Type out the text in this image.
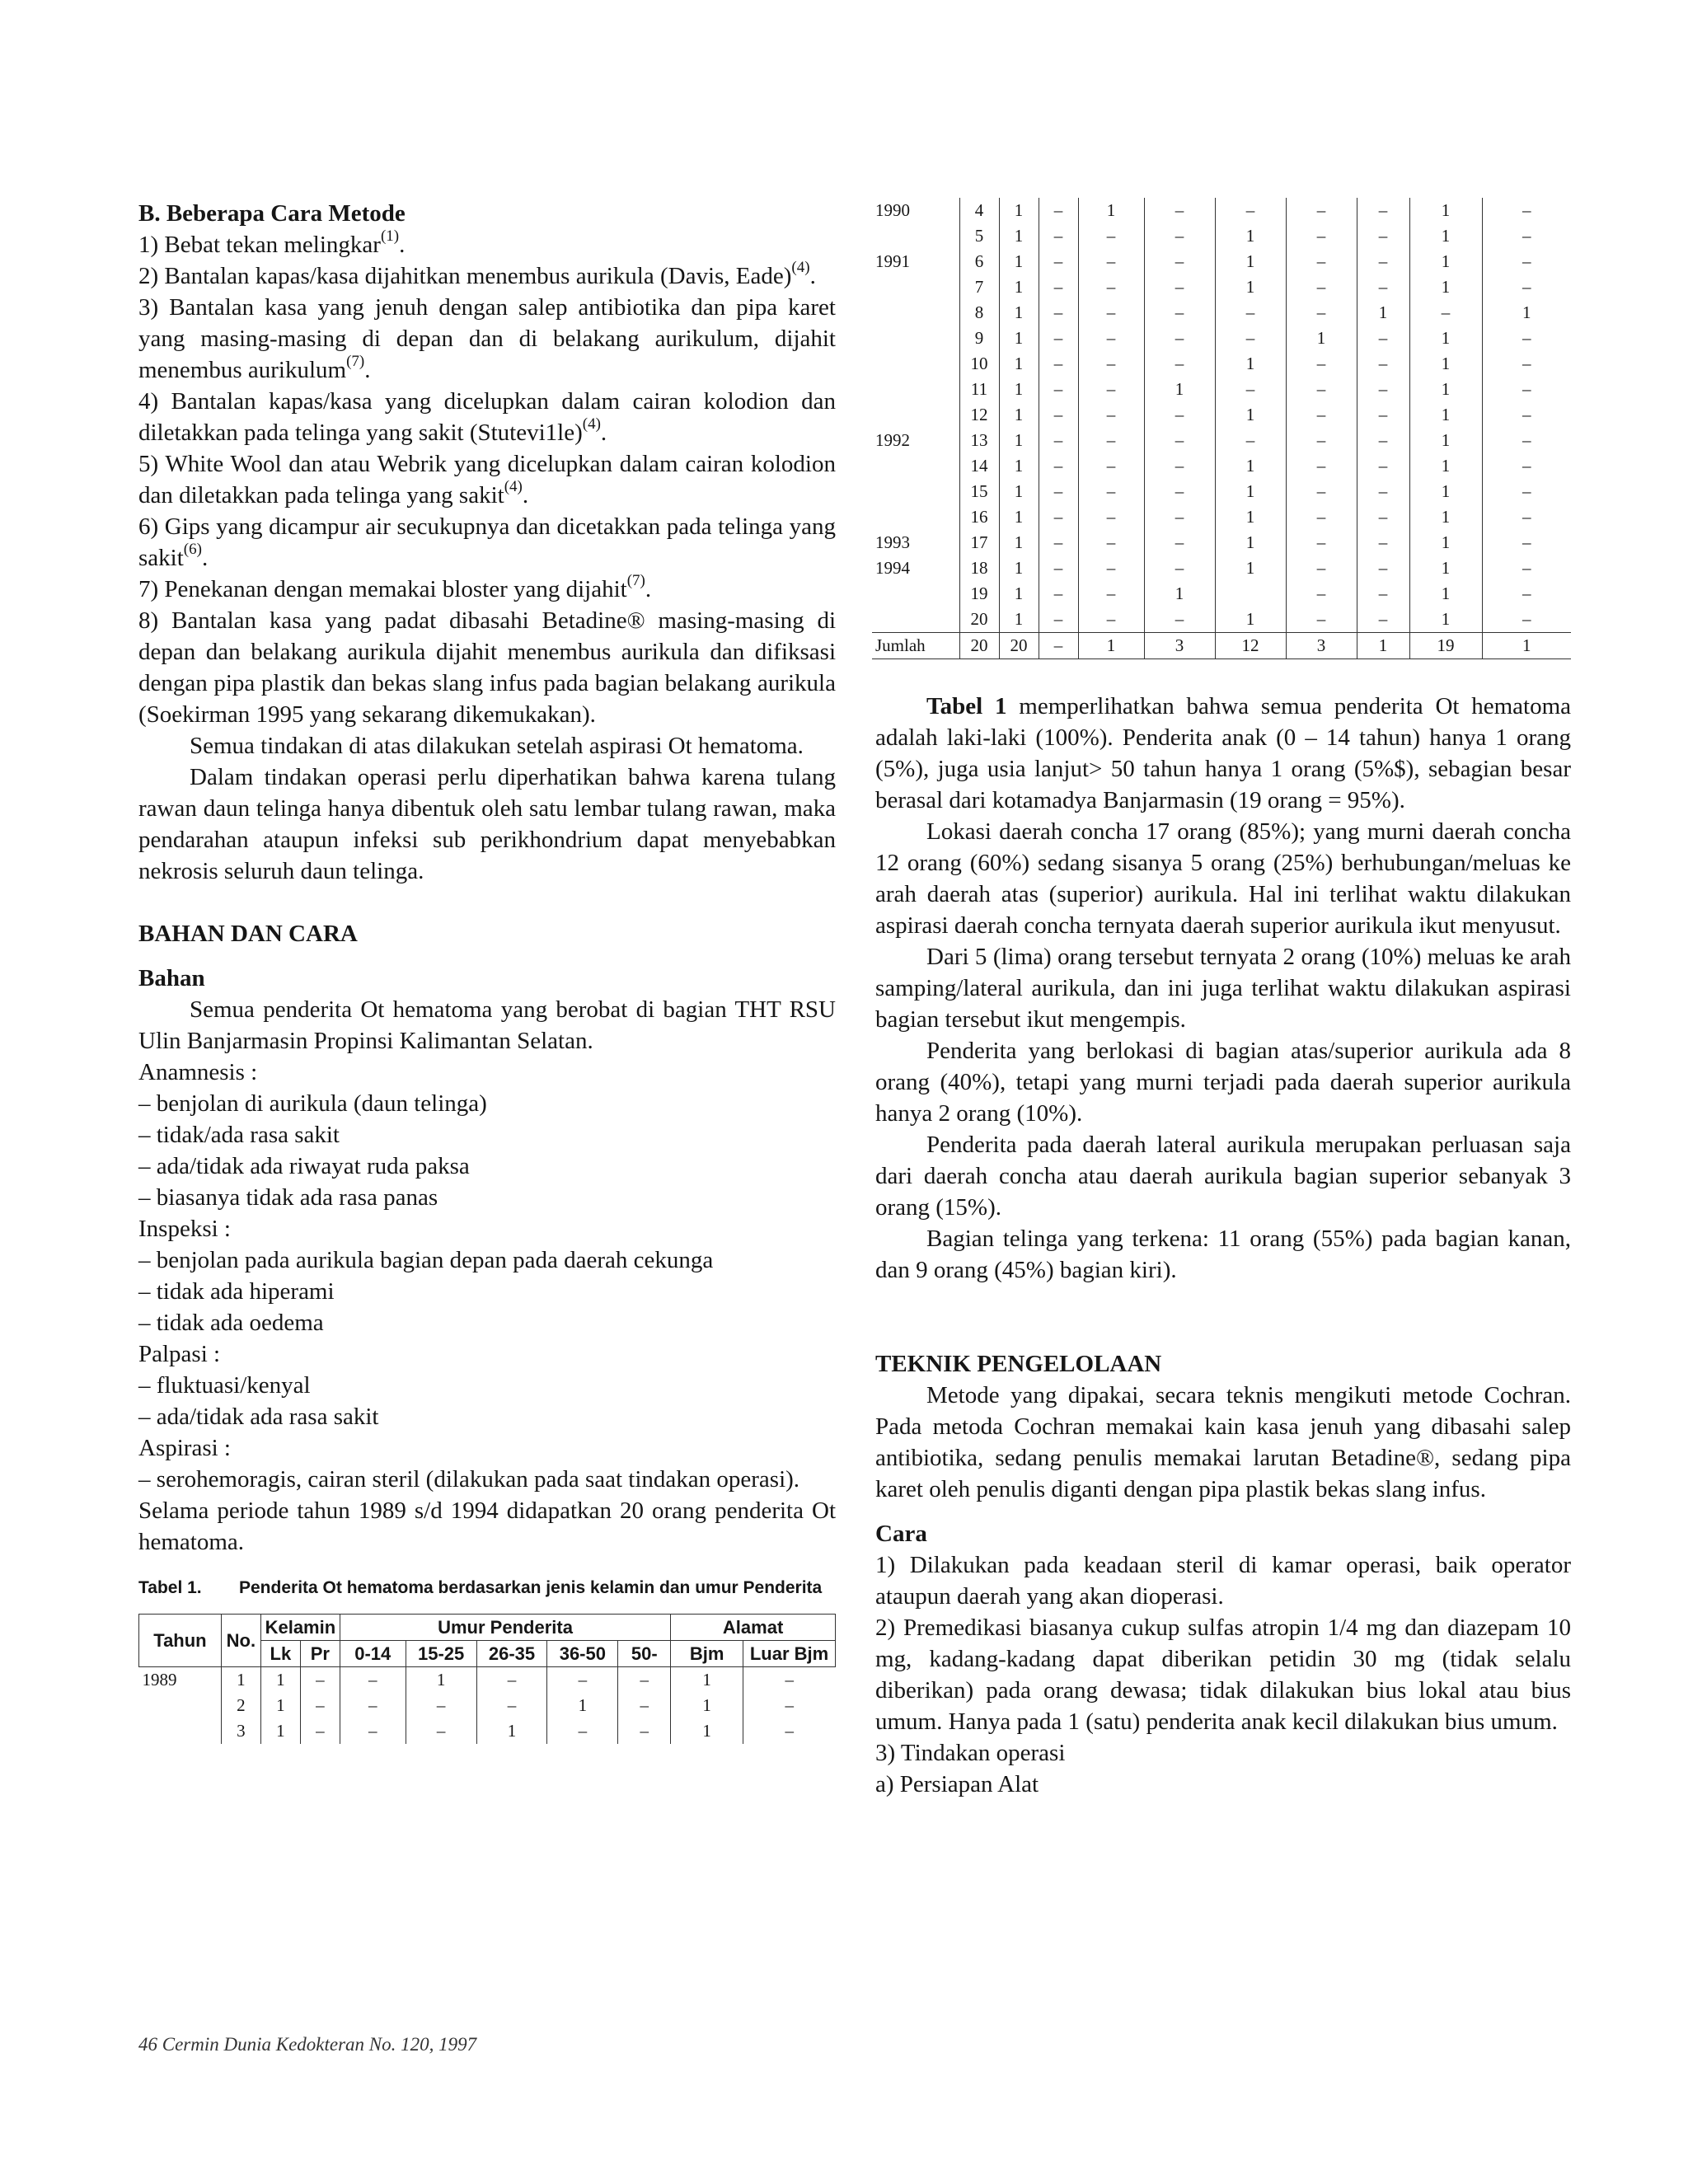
B. Beberapa Cara Metode

1) Bebat tekan melingkar$^{(1)}$.

2) Bantalan kapas/kasa dijahitkan menembus aurikula (Davis, Eade)$^{(4)}$.

3) Bantalan kasa yang jenuh dengan salep antibiotika dan pipa karet yang masing-masing di depan dan di belakang aurikulum, dijahit menembus aurikulum$^{(7)}$.

4) Bantalan kapas/kasa yang dicelupkan dalam cairan kolodion dan diletakkan pada telinga yang sakit (Stutevi1le)$^{(4)}$.

5) White Wool dan atau Webrik yang dicelupkan dalam cairan kolodion dan diletakkan pada telinga yang sakit$^{(4)}$.

6) Gips yang dicampur air secukupnya dan dicetakkan pada telinga yang sakit$^{(6)}$.

7) Penekanan dengan memakai bloster yang dijahit$^{(7)}$.

8) Bantalan kasa yang padat dibasahi Betadine® masing-masing di depan dan belakang aurikula dijahit menembus aurikula dan difiksasi dengan pipa plastik dan bekas slang infus pada bagian belakang aurikula (Soekirman 1995 yang sekarang dikemukakan).

Semua tindakan di atas dilakukan setelah aspirasi Ot hematoma.

Dalam tindakan operasi perlu diperhatikan bahwa karena tulang rawan daun telinga hanya dibentuk oleh satu lembar tulang rawan, maka pendarahan ataupun infeksi sub perikhondrium dapat menyebabkan nekrosis seluruh daun telinga.

BAHAN DAN CARA

Bahan

Semua penderita Ot hematoma yang berobat di bagian THT RSU Ulin Banjarmasin Propinsi Kalimantan Selatan.

Anamnesis :

– benjolan di aurikula (daun telinga)

– tidak/ada rasa sakit

– ada/tidak ada riwayat ruda paksa

– biasanya tidak ada rasa panas

Inspeksi :

– benjolan pada aurikula bagian depan pada daerah cekunga

– tidak ada hiperami

– tidak ada oedema

Palpasi :

– fluktuasi/kenyal

– ada/tidak ada rasa sakit

Aspirasi :

– serohemoragis, cairan steril (dilakukan pada saat tindakan operasi).

Selama periode tahun 1989 s/d 1994 didapatkan 20 orang penderita Ot hematoma.

Tabel 1.	Penderita Ot hematoma berdasarkan jenis kelamin dan umur Penderita
Tahun	No.	Kelamin		Umur Penderita					Alamat	
		Lk	Pr	0-14	15-25	26-35	36-50	50-	Bjm	Luar Bjm
1989	1	1	–	–	1	–	–	–	1	–
	2	1	–	–	–	–	1	–	1	–
	3	1	–	–	–	1	–	–	1	–
1990	4	1	–	1	–	–	–	–	1	–
	5	1	–	–	–	1	–	–	1	–
1991	6	1	–	–	–	1	–	–	1	–
	7	1	–	–	–	1	–	–	1	–
	8	1	–	–	–	–	–	1	–	1
	9	1	–	–	–	–	1	–	1	–
	10	1	–	–	–	1	–	–	1	–
	11	1	–	–	1	–	–	–	1	–
	12	1	–	–	–	1	–	–	1	–
1992	13	1	–	–	–	–	–	–	1	–
	14	1	–	–	–	1	–	–	1	–
	15	1	–	–	–	1	–	–	1	–
	16	1	–	–	–	1	–	–	1	–
1993	17	1	–	–	–	1	–	–	1	–
1994	18	1	–	–	–	1	–	–	1	–
	19	1	–	–	1		–	–	1	–
	20	1	–	–	–	1	–	–	1	–
Jumlah	20	20	–	1	3	12	3	1	19	1

Tabel 1 memperlihatkan bahwa semua penderita Ot hematoma adalah laki-laki (100%). Penderita anak (0 – 14 tahun) hanya 1 orang (5%), juga usia lanjut> 50 tahun hanya 1 orang (5%$), sebagian besar berasal dari kotamadya Banjarmasin (19 orang = 95%).

Lokasi daerah concha 17 orang (85%); yang murni daerah concha 12 orang (60%) sedang sisanya 5 orang (25%) berhubungan/meluas ke arah daerah atas (superior) aurikula. Hal ini terlihat waktu dilakukan aspirasi daerah concha ternyata daerah superior aurikula ikut menyusut.

Dari 5 (lima) orang tersebut ternyata 2 orang (10%) meluas ke arah samping/lateral aurikula, dan ini juga terlihat waktu dilakukan aspirasi bagian tersebut ikut mengempis.

Penderita yang berlokasi di bagian atas/superior aurikula ada 8 orang (40%), tetapi yang murni terjadi pada daerah superior aurikula hanya 2 orang (10%).

Penderita pada daerah lateral aurikula merupakan perluasan saja dari daerah concha atau daerah aurikula bagian superior sebanyak 3 orang (15%).

Bagian telinga yang terkena: 11 orang (55%) pada bagian kanan, dan 9 orang (45%) bagian kiri).

TEKNIK PENGELOLAAN

Metode yang dipakai, secara teknis mengikuti metode Cochran. Pada metoda Cochran memakai kain kasa jenuh yang dibasahi salep antibiotika, sedang penulis memakai larutan Betadine®, sedang pipa karet oleh penulis diganti dengan pipa plastik bekas slang infus.

Cara

1) Dilakukan pada keadaan steril di kamar operasi, baik operator ataupun daerah yang akan dioperasi.

2) Premedikasi biasanya cukup sulfas atropin 1/4 mg dan diazepam 10 mg, kadang-kadang dapat diberikan petidin 30 mg (tidak selalu diberikan) pada orang dewasa; tidak dilakukan bius lokal atau bius umum. Hanya pada 1 (satu) penderita anak kecil dilakukan bius umum.

3) Tindakan operasi

a) Persiapan Alat

46 Cermin Dunia Kedokteran No. 120, 1997
